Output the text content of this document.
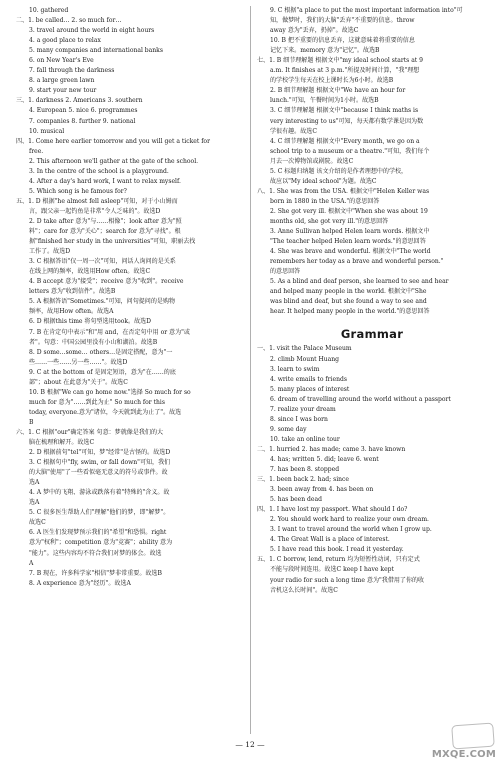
10. gathered
二、1. be called… 2. so much for…
3. travel around the world in eight hours
4. a good place to relax
5. many companies and international banks
6. on New Year's Eve
7. fall through the darkness
8. a large green lawn
9. start your new tour
三、1. darkness 2. Americans 3. southern
4. European 5. nice 6. programmes
7. companies 8. further 9. national
10. musical
四、1. Come here earlier tomorrow and you will get a ticket for
free.
2. This afternoon we'll gather at the gate of the school.
3. In the centre of the school is a playground.
4. After a day's hard work, I want to relax myself.
5. Which song is he famous for?
五、1. D 根据"he almost fell asleep"可知，对于小山姆而
言，跟父亲一起钓鱼是非常"令人乏味的"。故选D
2. D take after 意为"与……相像"；look after 意为"照
料"；care for 意为"关心"；search for 意为"寻找"。根
据"finished her study in the universities"可知，职丽去找
工作了。故选D
3. C 根据答语"仅一周一次"可知，问话人询问的是关系
在线上网的频率，故选用How often。故选C
4. B accept 意为"接受"；receive 意为"收到"。receive
letters 意为"收到信件"。故选B
5. A 根据答语"Sometimes."可知，问句提问的是购物
频率，故用How often。故选A
6. D 根据this time 将句型选用took。故选D
7. B 在肯定句中表示"和"用 and，在否定句中用 or 意为"或
者"。句意：中国公园里没有小山和湖泊。故选B
8. D some…some… others…是固定搭配，意为"一
些……一些……另一些……"。故选D
9. C at the bottom of 是固定短语，意为"在……的底
部"；about 在此意为"关于"。故选C
10. B 根据"We can go home now."选择 So much for so
much for 意为"……到此为止" So much for this
today, everyone.意为"诸位，今天就到此为止了"。故选
B
六、1. C 根据"our"确定答案 句意：梦就像是我们的大
脑在梳理和解开。故选C
2. D 根据前句"tel"可知，梦"经常"是古怪的。故选D
3. C 根据句中"fly, swim, or fall down"可知，我们
的大脑"使用"了一些看似毫无意义的符号或事件。故
选A
4. A 梦中的飞翔、游泳或跌落有着"特殊的"含义。故
选A
5. C 很多医生帮助人们"理解"他们的梦，即"解梦"。
故选C
6. A 医生们发现梦预示我们的"希望"和恐惧。right
意为"权利"；competition 意为"竞赛"；ability 意为
"能力"。这些内容均不符合我们对梦的体会。故选
A
7. B 现在，许多科学家"相信"梦非常重要。故选B
8. A experience 意为"经历"。故选A
9. C 根据"a place to put the most important information into"可
知，做梦时，我们的大脑"丢弃"不重要的信息。throw
away 意为"丢弃，扔掉"。故选C
10. B 把不重要的信息丢弃，这就意味着将重要的信息
记忆下来。memory 意为"记忆"。故选B
七、1. B 细节理解题 根据文中"my ideal school starts at 9
a.m. It finishes at 3 p.m."所提及时间计算，"我"理想
的学校学生每天在校上课时长为6小时。故选B
2. B 细节理解题 根据文中"We have an hour for
lunch."可知，午餐时间为1小时。故选B
3. C 细节理解题 根据文中"because I think maths is
very interesting to us"可知，每天都有数学课是因为数
学很有趣。故选C
4. C 细节理解题 根据文中"Every month, we go on a
school trip to a museum or a theatre."可知，我们每个
月去一次博物馆或剧院。故选C
5. C 标题归纳题 该文介绍的是作者理想中的学校，
故应以"My ideal school"为题。故选C
八、1. She was from the USA. 根据文中"Helen Keller was
born in 1880 in the USA."的意思回答
2. She got very ill. 根据文中"When she was about 19
months old, she got very ill."的意思回答
3. Anne Sullivan helped Helen learn words. 根据文中
"The teacher helped Helen learn words."的意思回答
4. She was brave and wonderful. 根据文中"The world
remembers her today as a brave and wonderful person."
的意思回答
5. As a blind and deaf person, she learned to see and hear
and helped many people in the world. 根据文中"She
was blind and deaf, but she found a way to see and
hear. It helped many people in the world."的意思回答
Grammar
一、1. visit the Palace Museum
2. climb Mount Huang
3. learn to swim
4. write emails to friends
5. many places of interest
6. dream of travelling around the world without a passport
7. realize your dream
8. since I was born
9. some day
10. take an online tour
二、1. hurried 2. has made; came 3. have known
4. has; written 5. did; leave 6. went
7. has been 8. stopped
三、1. been back 2. had; since
3. been away from 4. has been on
5. has been dead
四、1. I have lost my passport. What should I do?
2. You should work hard to realize your own dream.
3. I want to travel around the world when I grow up.
4. The Great Wall is a place of interest.
5. I have read this book. I read it yesterday.
五、1. C borrow, lend, return 均为短暂性动词，只有定式
不能与段时间连用。故选C keep I have kept
your radio for such a long time 意为"我借用了你的收
音机这么长时间"。故选C
— 12 —
MXQE.COM
